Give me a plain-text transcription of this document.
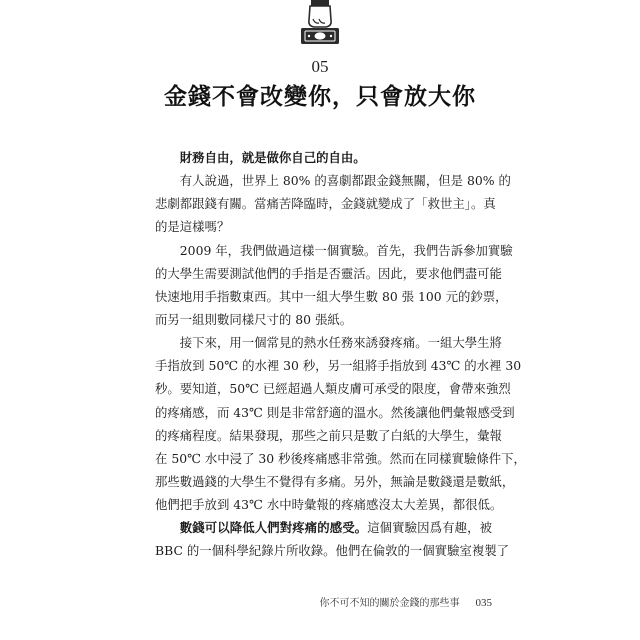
05
金錢不會改變你，只會放大你
財務自由，就是做你自己的自由。
有人說過，世界上 80% 的喜劇都跟金錢無關，但是 80% 的
悲劇都跟錢有關。當痛苦降臨時，金錢就變成了「救世主」。真
的是這樣嗎？
2009 年，我們做過這樣一個實驗。首先，我們告訴參加實驗
的大學生需要測試他們的手指是否靈活。因此，要求他們盡可能
快速地用手指數東西。其中一組大學生數 80 張 100 元的鈔票，
而另一組則數同樣尺寸的 80 張紙。
接下來，用一個常見的熱水任務來誘發疼痛。一組大學生將
手指放到 50℃ 的水裡 30 秒，另一組將手指放到 43℃ 的水裡 30
秒。要知道，50℃ 已經超過人類皮膚可承受的限度，會帶來強烈
的疼痛感，而 43℃ 則是非常舒適的溫水。然後讓他們彙報感受到
的疼痛程度。結果發現，那些之前只是數了白紙的大學生，彙報
在 50℃ 水中浸了 30 秒後疼痛感非常強。然而在同樣實驗條件下，
那些數過錢的大學生不覺得有多痛。另外，無論是數錢還是數紙，
他們把手放到 43℃ 水中時彙報的疼痛感沒太大差異，都很低。
數錢可以降低人們對疼痛的感受。這個實驗因爲有趣，被
BBC 的一個科學紀錄片所收錄。他們在倫敦的一個實驗室複製了
你不可不知的關於金錢的那些事 035
